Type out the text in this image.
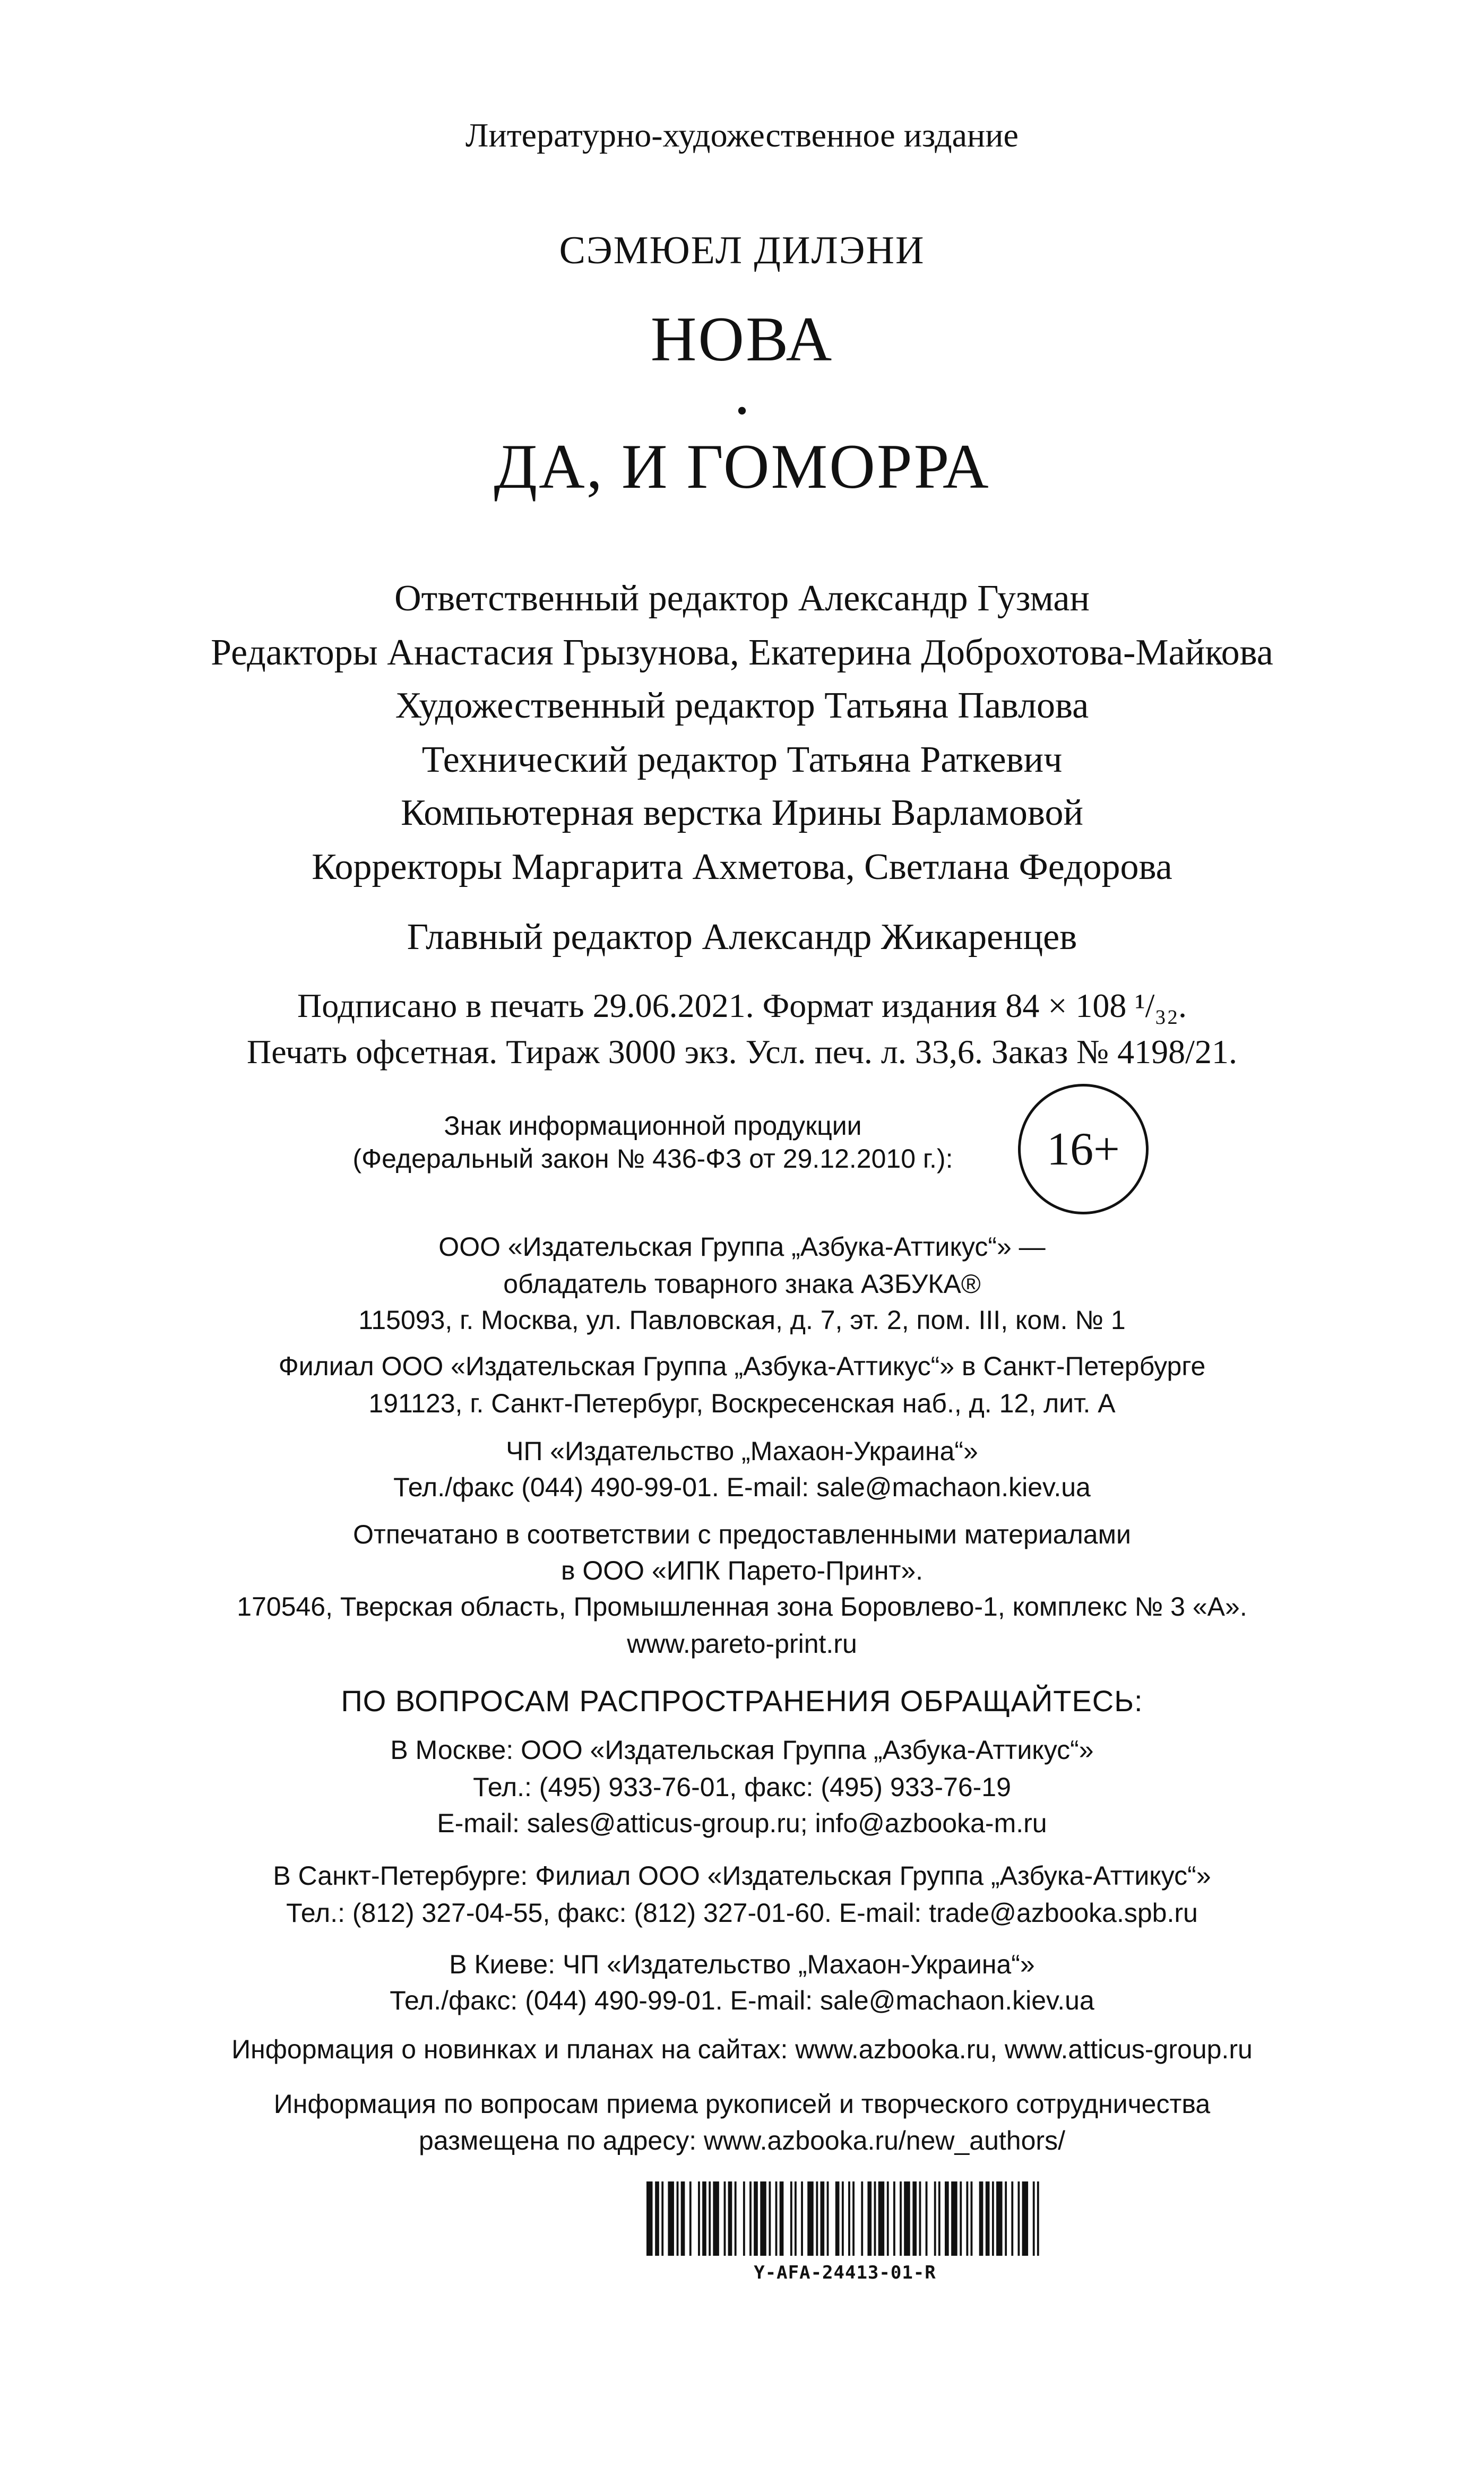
Литературно-художественное издание
СЭМЮЕЛ ДИЛЭНИ
НОВА
•
ДА, И ГОМОРРА
Ответственный редактор Александр Гузман
Редакторы Анастасия Грызунова, Екатерина Доброхотова-Майкова
Художественный редактор Татьяна Павлова
Технический редактор Татьяна Раткевич
Компьютерная верстка Ирины Варламовой
Корректоры Маргарита Ахметова, Светлана Федорова
Главный редактор Александр Жикаренцев
Подписано в печать 29.06.2021. Формат издания 84 × 108 ¹/₃₂.
Печать офсетная. Тираж 3000 экз. Усл. печ. л. 33,6. Заказ № 4198/21.
Знак информационной продукции
(Федеральный закон № 436-ФЗ от 29.12.2010 г.):	16+
ООО «Издательская Группа „Азбука-Аттикус“» —
обладатель товарного знака АЗБУКА®
115093, г. Москва, ул. Павловская, д. 7, эт. 2, пом. III, ком. № 1
Филиал ООО «Издательская Группа „Азбука-Аттикус“» в Санкт-Петербурге
191123, г. Санкт-Петербург, Воскресенская наб., д. 12, лит. А
ЧП «Издательство „Махаон-Украина“»
Тел./факс (044) 490-99-01. E-mail: sale@machaon.kiev.ua
Отпечатано в соответствии с предоставленными материалами
в ООО «ИПК Парето-Принт».
170546, Тверская область, Промышленная зона Боровлево-1, комплекс № 3 «А».
www.pareto-print.ru
ПО ВОПРОСАМ РАСПРОСТРАНЕНИЯ ОБРАЩАЙТЕСЬ:
В Москве: ООО «Издательская Группа „Азбука-Аттикус“»
Тел.: (495) 933-76-01, факс: (495) 933-76-19
E-mail: sales@atticus-group.ru; info@azbooka-m.ru
В Санкт-Петербурге: Филиал ООО «Издательская Группа „Азбука-Аттикус“»
Тел.: (812) 327-04-55, факс: (812) 327-01-60. E-mail: trade@azbooka.spb.ru
В Киеве: ЧП «Издательство „Махаон-Украина“»
Тел./факс: (044) 490-99-01. E-mail: sale@machaon.kiev.ua
Информация о новинках и планах на сайтах: www.azbooka.ru, www.atticus-group.ru
Информация по вопросам приема рукописей и творческого сотрудничества
размещена по адресу: www.azbooka.ru/new_authors/
Y-AFA-24413-01-R
